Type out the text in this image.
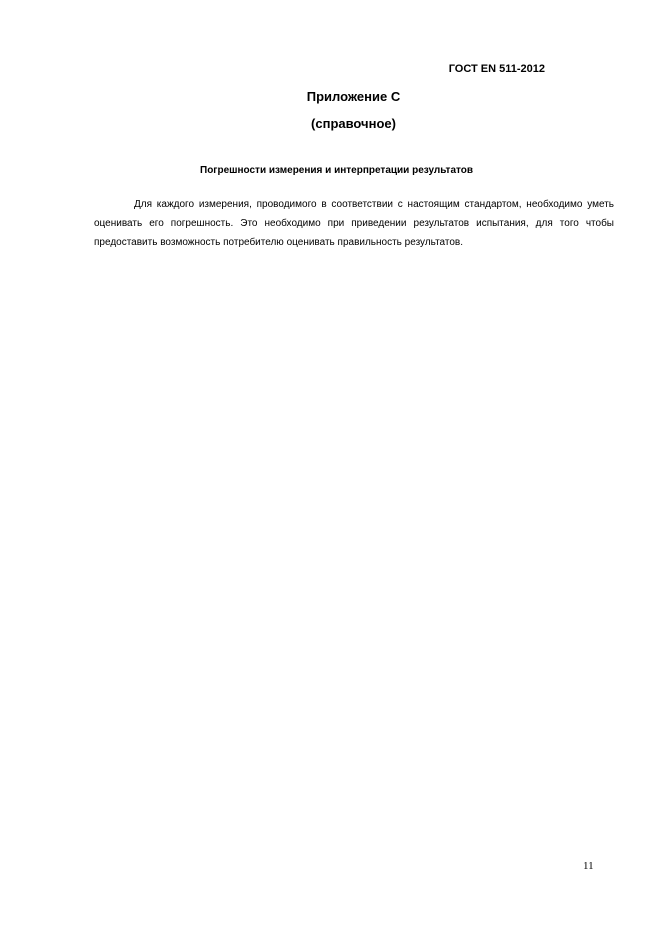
ГОСТ EN 511-2012
Приложение С
(справочное)
Погрешности измерения и интерпретации результатов

Для каждого измерения, проводимого в соответствии с настоящим стандартом, необходимо уметь оценивать его погрешность. Это необходимо при приведении результатов испытания, для того чтобы предоставить возможность потребителю оценивать правильность результатов.

11
